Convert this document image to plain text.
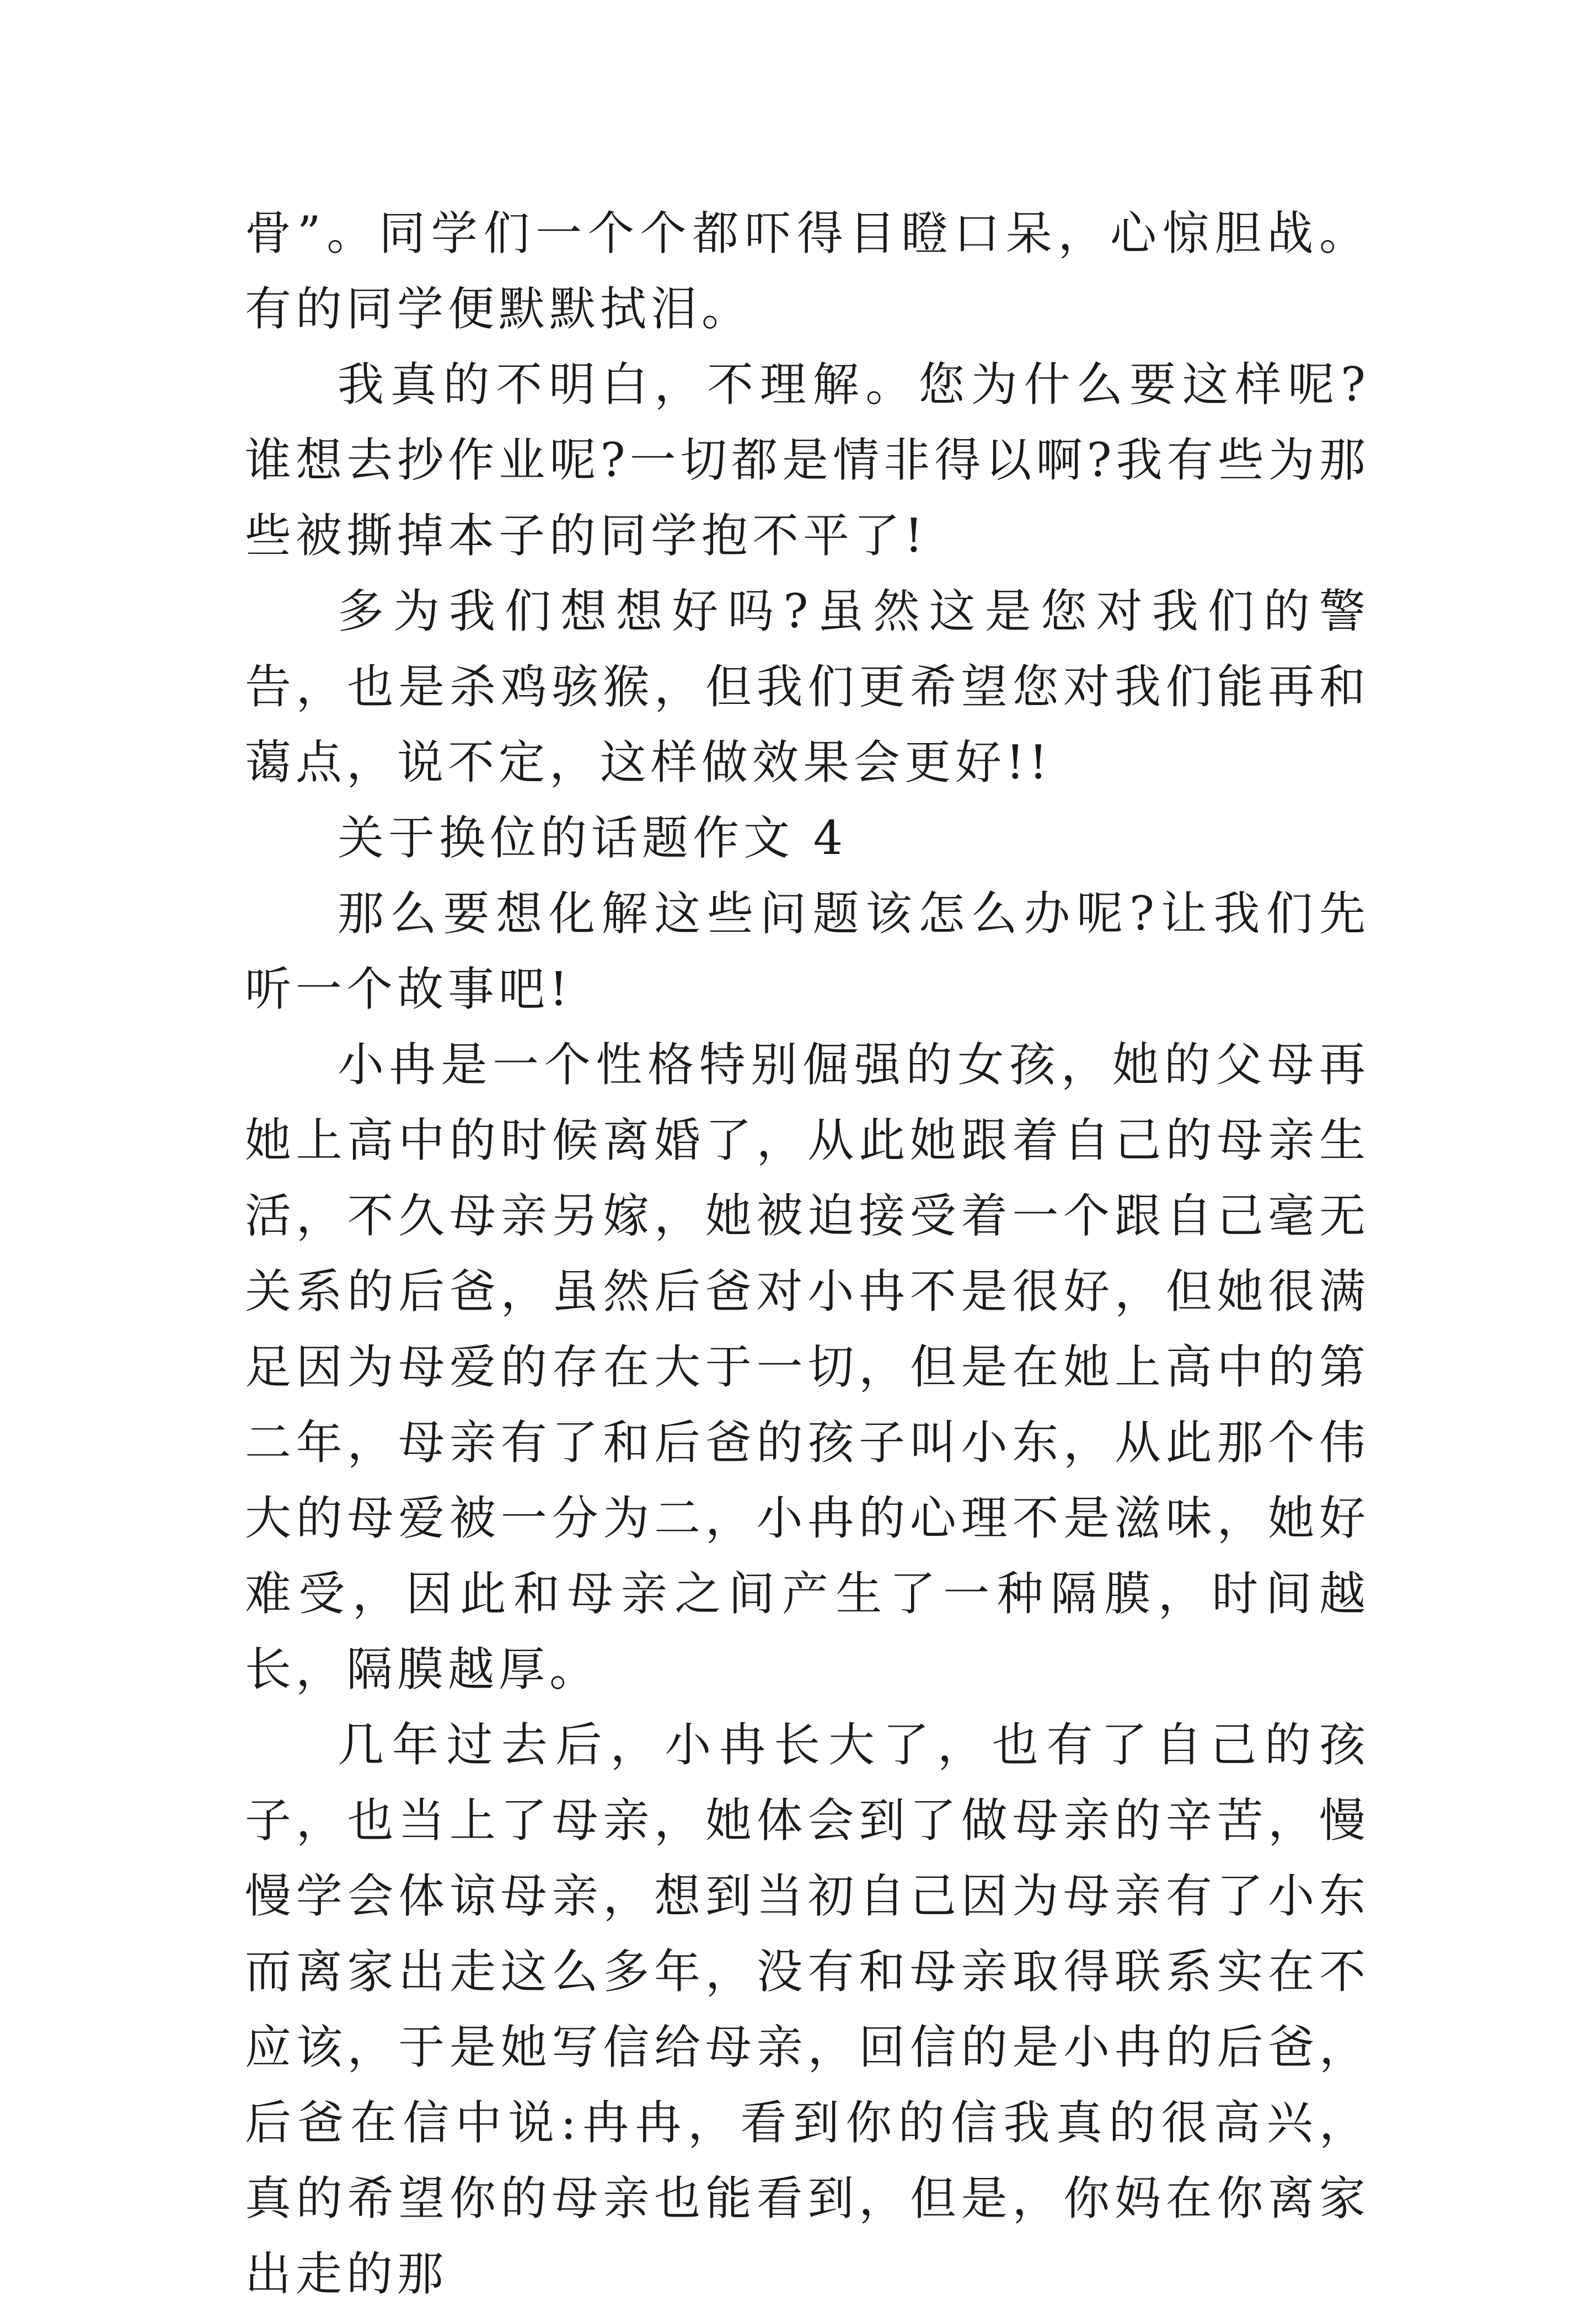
骨”。同学们一个个都吓得目瞪口呆，心惊胆战。有的同学便默默拭泪。

我真的不明白，不理解。您为什么要这样呢?谁想去抄作业呢?一切都是情非得以啊?我有些为那些被撕掉本子的同学抱不平了!

多为我们想想好吗?虽然这是您对我们的警告，也是杀鸡骇猴，但我们更希望您对我们能再和蔼点，说不定，这样做效果会更好!!

关于换位的话题作文 4

那么要想化解这些问题该怎么办呢?让我们先听一个故事吧!

小冉是一个性格特别倔强的女孩，她的父母再她上高中的时候离婚了，从此她跟着自己的母亲生活，不久母亲另嫁，她被迫接受着一个跟自己毫无关系的后爸，虽然后爸对小冉不是很好，但她很满足因为母爱的存在大于一切，但是在她上高中的第二年，母亲有了和后爸的孩子叫小东，从此那个伟大的母爱被一分为二，小冉的心理不是滋味，她好难受，因此和母亲之间产生了一种隔膜，时间越长，隔膜越厚。

几年过去后，小冉长大了，也有了自己的孩子，也当上了母亲，她体会到了做母亲的辛苦，慢慢学会体谅母亲，想到当初自己因为母亲有了小东而离家出走这么多年，没有和母亲取得联系实在不应该，于是她写信给母亲，回信的是小冉的后爸，后爸在信中说:冉冉，看到你的信我真的很高兴，真的希望你的母亲也能看到，但是，你妈在你离家出走的那
